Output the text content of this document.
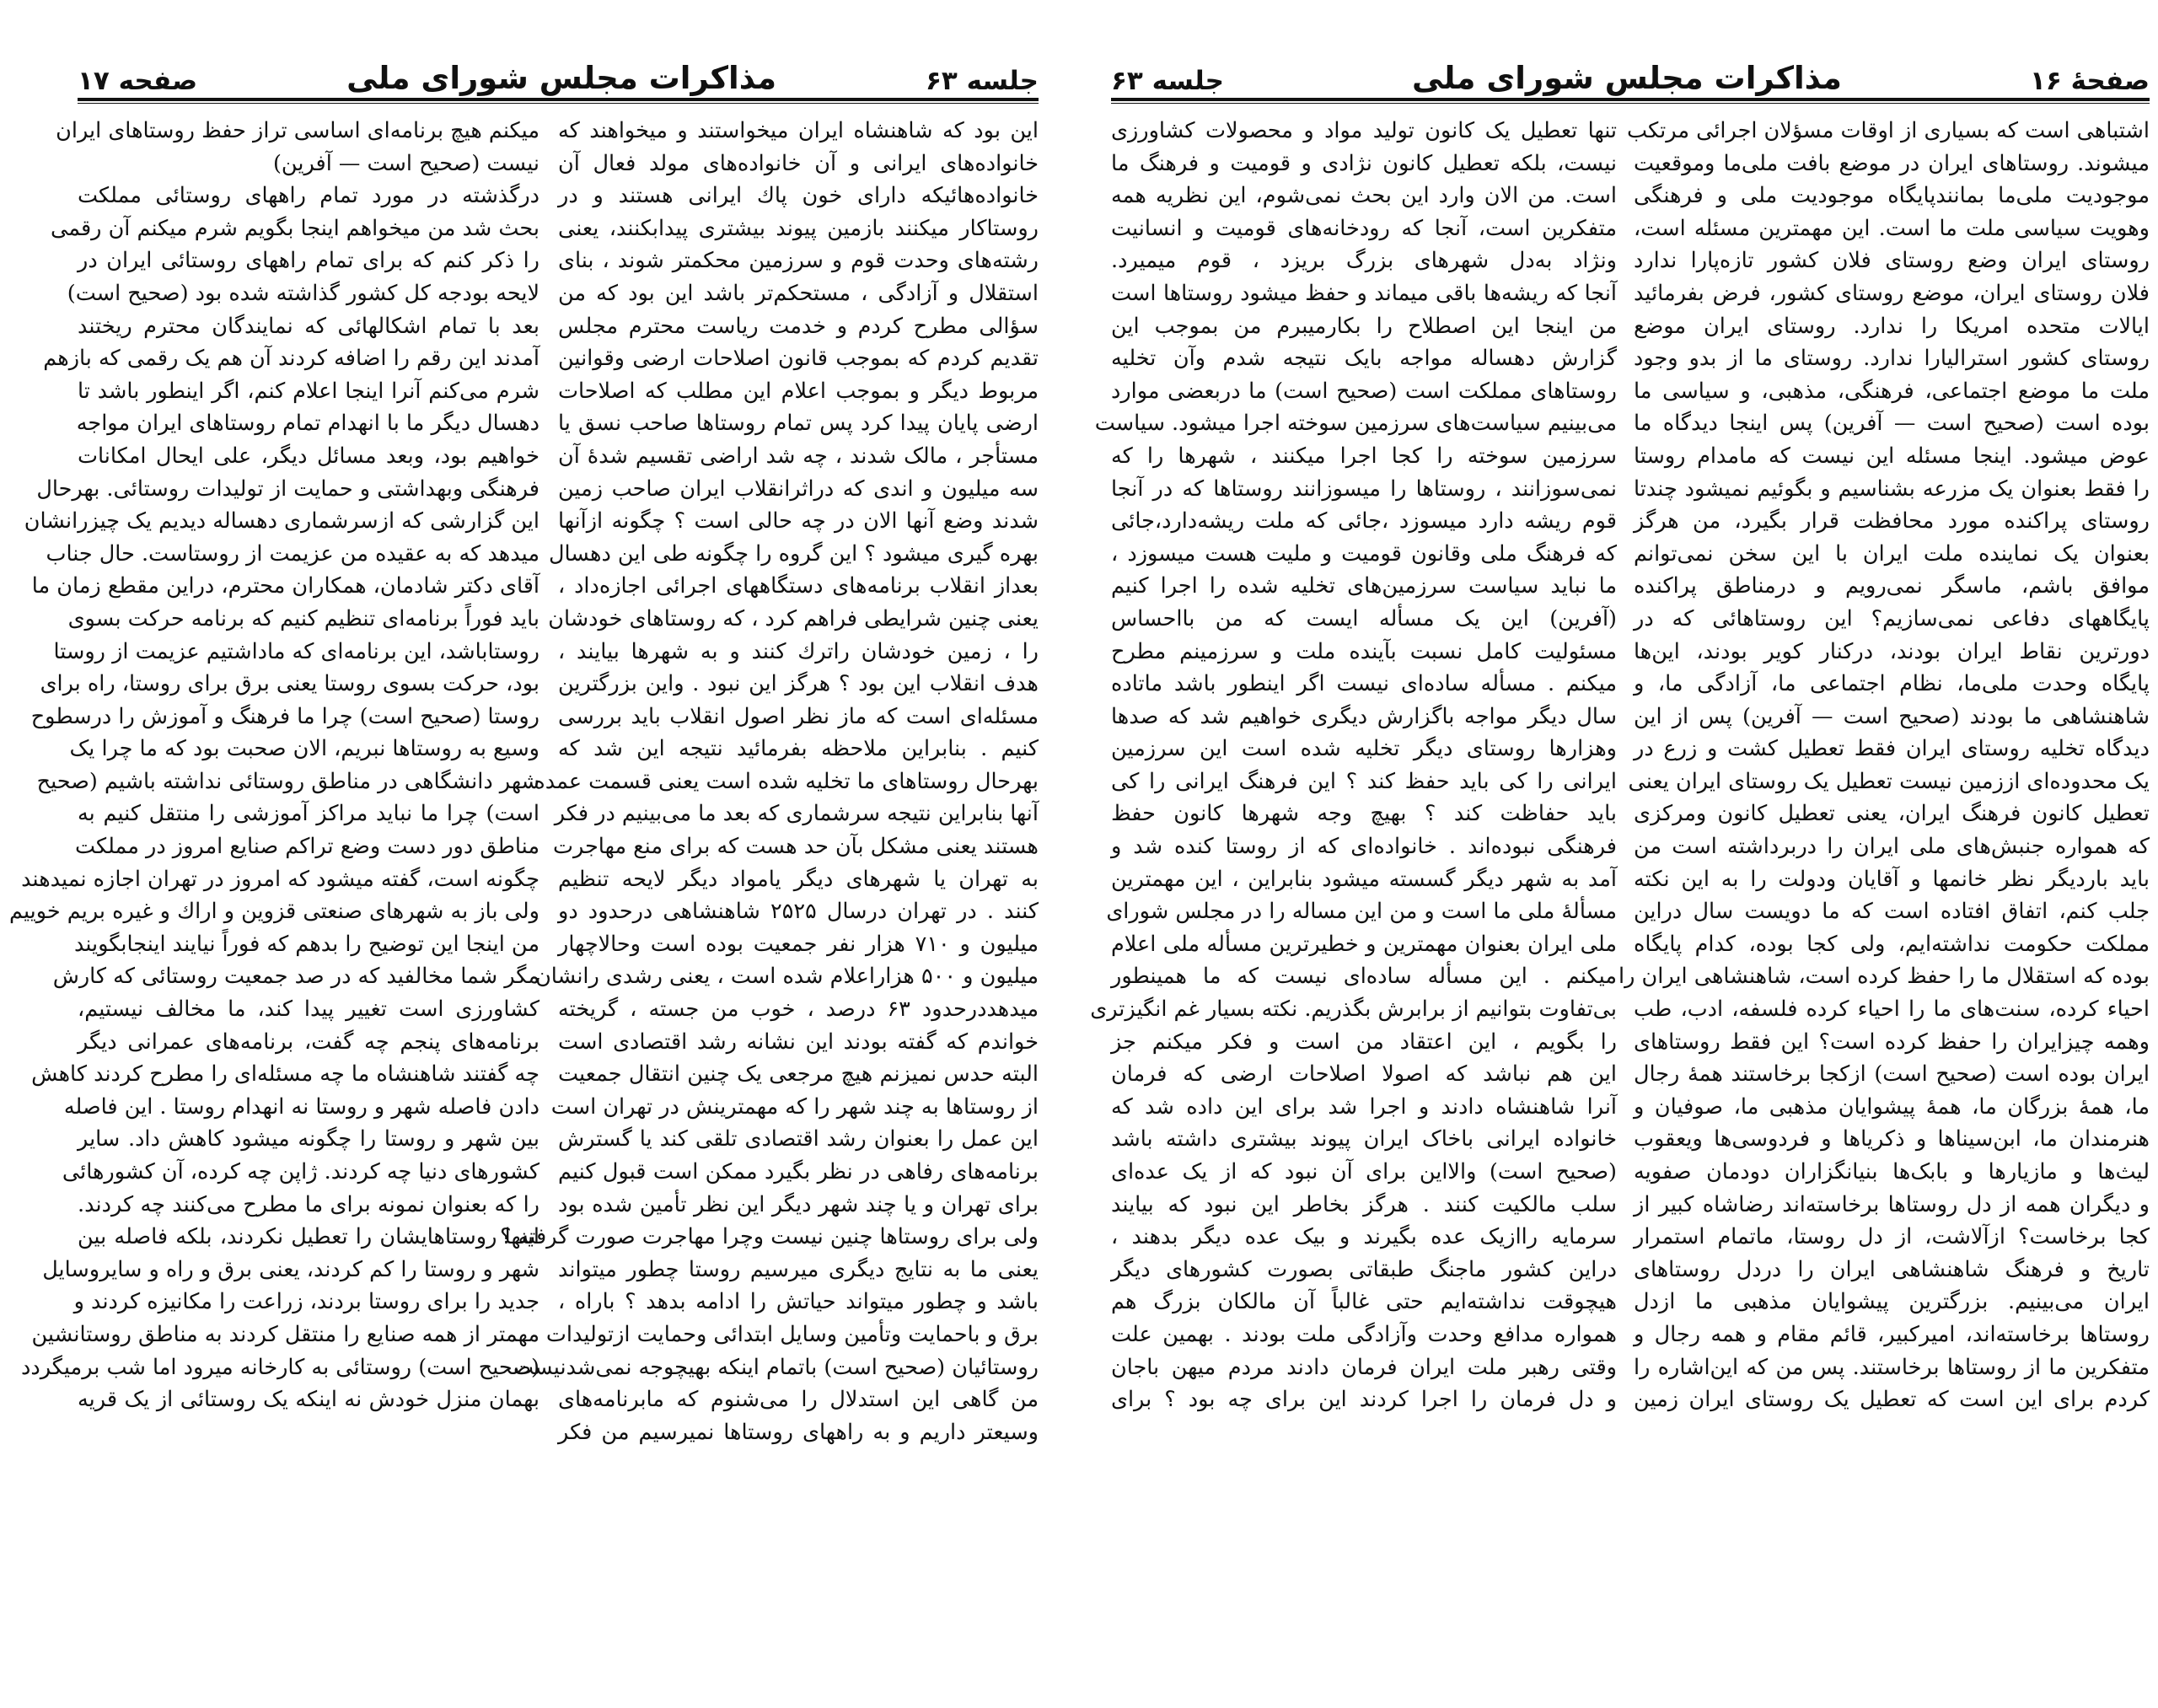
صفحهٔ ۱۶
مذاکرات مجلس شورای ملی
جلسه ۶۳
اشتباهی است که بسیاری از اوقات مسؤلان اجرائی مرتکب
میشوند. روستاهای ایران در موضع بافت ملی‌ما وموقعیت
موجودیت ملی‌ما بمانندپایگاه موجودیت ملی و فرهنگی
وهویت سیاسی ملت ما است. این مهمترین مسئله است،
روستای ایران وضع روستای فلان کشور تازه‌پارا ندارد
فلان روستای ایران، موضع روستای کشور، فرض بفرمائید
ایالات متحده امریکا را ندارد. روستای ایران موضع
روستای کشور استرالیارا ندارد. روستای ما از بدو وجود
ملت ما موضع اجتماعی، فرهنگی، مذهبی، و سیاسی ما
بوده است (صحیح است — آفرین) پس اینجا دیدگاه ما
عوض میشود. اینجا مسئله این نیست که مامدام روستا
را فقط بعنوان یک مزرعه بشناسیم و بگوئیم نمیشود چندتا
روستای پراکنده مورد محافظت قرار بگیرد، من هرگز
بعنوان یک نماینده ملت ایران با این سخن نمی‌توانم
موافق باشم، ماسگر نمی‌رویم و درمناطق پراکنده
پایگاههای دفاعی نمی‌سازیم؟ این روستاهائی که در
دورترین نقاط ایران بودند، درکنار کویر بودند، این‌ها
پایگاه وحدت ملی‌ما، نظام اجتماعی ما، آزادگی ما، و
شاهنشاهی ما بودند (صحیح است — آفرین) پس از این
دیدگاه تخلیه روستای ایران فقط تعطیل کشت و زرع در
یک محدوده‌ای اززمین نیست تعطیل یک روستای ایران یعنی
تعطیل کانون فرهنگ ایران، یعنی تعطیل کانون ومرکزی
که همواره جنبش‌های ملی ایران را دربرداشته است من
باید باردیگر نظر خانمها و آقایان ودولت را به این نکته
جلب کنم، اتفاق افتاده است که ما دویست سال دراین
مملکت حکومت نداشته‌ایم، ولی کجا بوده، کدام پایگاه
بوده که استقلال ما را حفظ کرده است، شاهنشاهی ایران را
احیاء کرده، سنت‌های ما را احیاء کرده فلسفه، ادب، طب
وهمه چیزایران را حفظ کرده است؟ این فقط روستاهای
ایران بوده است (صحیح است) ازکجا برخاستند همهٔ رجال
ما، همهٔ بزرگان ما، همهٔ پیشوایان مذهبی ما، صوفیان و
هنرمندان ما، ابن‌سیناها و ذکریاها و فردوسی‌ها ویعقوب
لیث‌ها و مازیارها و بابک‌ها بنیانگزاران دودمان صفویه
و دیگران همه از دل روستاها برخاسته‌اند رضاشاه کبیر از
کجا برخاست؟ ازآلاشت، از دل روستا، ماتمام استمرار
تاریخ و فرهنگ شاهنشاهی ایران را دردل روستاهای
ایران می‌بینیم. بزرگترین پیشوایان مذهبی ما ازدل
روستاها برخاسته‌اند، امیرکبیر، قائم مقام و همه رجال و
متفکرین ما از روستاها برخاستند. پس من که این‌اشاره را
کردم برای این است که تعطیل یک روستای ایران زمین
تنها تعطیل یک کانون تولید مواد و محصولات کشاورزی
نیست، بلکه تعطیل کانون نژادی و قومیت و فرهنگ ما
است. من الان وارد این بحث نمی‌شوم، این نظریه همه
متفکرین است، آنجا که رودخانه‌های قومیت و انسانیت
ونژاد به‌دل شهرهای بزرگ بریزد ، قوم میمیرد.
آنجا که ریشه‌ها باقی میماند و حفظ میشود روستاها است
من اینجا این اصطلاح را بکارمیبرم من بموجب این
گزارش دهساله مواجه بایک نتیجه شدم وآن تخلیه
روستاهای مملکت است (صحیح است) ما دربعضی موارد
می‌بینیم سیاست‌های سرزمین سوخته اجرا میشود. سیاست
سرزمین سوخته را کجا اجرا میکنند ، شهرها را که
نمی‌سوزانند ، روستاها را میسوزانند روستاها که در آنجا
قوم ریشه دارد میسوزد ،جائی که ملت ریشه‌دارد،جائی
که فرهنگ ملی وقانون قومیت و ملیت هست میسوزد ،
ما نباید سیاست سرزمین‌های تخلیه شده را اجرا کنیم
(آفرین) این یک مسأله ایست که من بااحساس
مسئولیت کامل نسبت بآینده ملت و سرزمینم مطرح
میکنم . مسأله ساده‌ای نیست اگر اینطور باشد ماتاده
سال دیگر مواجه باگزارش دیگری خواهیم شد که صدها
وهزارها روستای دیگر تخلیه شده است این سرزمین
ایرانی را کی باید حفظ کند ؟ این فرهنگ ایرانی را کی
باید حفاظت کند ؟ بهیچ وجه شهرها کانون حفظ
فرهنگی نبوده‌اند . خانواده‌ای که از روستا کنده شد و
آمد به شهر دیگر گسسته میشود بنابراین ، این مهمترین
مسألهٔ ملی ما است و من این مساله را در مجلس شورای
ملی ایران بعنوان مهمترین و خطیرترین مسأله ملی اعلام
میکنم . این مسأله ساده‌ای نیست که ما همینطور
بی‌تفاوت بتوانیم از برابرش بگذریم. نکته بسیار غم انگیزتری
را بگویم ، این اعتقاد من است و فکر میکنم جز
این هم نباشد که اصولا اصلاحات ارضی که فرمان
آنرا شاهنشاه دادند و اجرا شد برای این داده شد که
خانواده ایرانی باخاک ایران پیوند بیشتری داشته باشد
(صحیح است) والااین برای آن نبود که از یک عده‌ای
سلب مالکیت کنند . هرگز بخاطر این نبود که بیایند
سرمایه راازیک عده بگیرند و بیک عده دیگر بدهند ،
دراین کشور ماجنگ طبقاتی بصورت کشورهای دیگر
هیچوقت نداشته‌ایم حتی غالباً آن مالکان بزرگ هم
همواره مدافع وحدت وآزادگی ملت بودند . بهمین علت
وقتی رهبر ملت ایران فرمان دادند مردم میهن باجان
و دل فرمان را اجرا کردند این برای چه بود ؟ برای
جلسه ۶۳
مذاکرات مجلس شورای ملی
صفحه ۱۷
این بود که شاهنشاه ایران میخواستند و میخواهند که
خانواده‌های ایرانی و آن خانواده‌های مولد فعال آن
خانواده‌هائیکه دارای خون پاك ایرانی هستند و در
روستاکار میکنند بازمین پیوند بیشتری پیدابکنند، یعنی
رشته‌های وحدت قوم و سرزمین محکمتر شوند ، بنای
استقلال و آزادگی ، مستحکم‌تر باشد این بود که من
سؤالی مطرح کردم و خدمت ریاست محترم مجلس
تقدیم کردم که بموجب قانون اصلاحات ارضی وقوانین
مربوط دیگر و بموجب اعلام این مطلب که اصلاحات
ارضی پایان پیدا کرد پس تمام روستاها صاحب نسق یا
مستأجر ، مالک شدند ، چه شد اراضی تقسیم شدهٔ آن
سه میلیون و اندی که دراثرانقلاب ایران صاحب زمین
شدند وضع آنها الان در چه حالی است ؟ چگونه ازآنها
بهره گیری میشود ؟ این گروه را چگونه طی این دهسال
بعداز انقلاب برنامه‌های دستگاههای اجرائی اجازه‌داد ،
یعنی چنین شرایطی فراهم کرد ، که روستاهای خودشان
را ، زمین خودشان راترك کنند و به شهرها بیایند ،
هدف انقلاب این بود ؟ هرگز این نبود . واین بزرگترین
مسئله‌ای است که ماز نظر اصول انقلاب باید بررسی
کنیم . بنابراین ملاحظه بفرمائید نتیجه این شد که
بهرحال روستاهای ما تخلیه شده است یعنی قسمت عمده
آنها بنابراین نتیجه سرشماری که بعد ما می‌بینیم در فکر
هستند یعنی مشکل بآن حد هست که برای منع مهاجرت
به تهران یا شهرهای دیگر یامواد دیگر لایحه تنظیم
کنند . در تهران درسال ۲۵۲۵ شاهنشاهی درحدود دو
میلیون و ۷۱۰ هزار نفر جمعیت بوده است وحالاچهار
میلیون و ۵۰۰ هزاراعلام شده است ، یعنی رشدی رانشان
میدهددرحدود ۶۳ درصد ، خوب من جسته ، گریخته
خواندم که گفته بودند این نشانه رشد اقتصادی است
البته حدس نمیزنم هیچ مرجعی یک چنین انتقال جمعیت
از روستاها به چند شهر را که مهمترینش در تهران است
این عمل را بعنوان رشد اقتصادی تلقی کند یا گسترش
برنامه‌های رفاهی در نظر بگیرد ممکن است قبول کنیم
برای تهران و یا چند شهر دیگر این نظر تأمین شده بود
ولی برای روستاها چنین نیست وچرا مهاجرت صورت گرفته ؟
یعنی ما به نتایج دیگری میرسیم روستا چطور میتواند
باشد و چطور میتواند حیاتش را ادامه بدهد ؟ باراه ،
برق و باحمایت وتأمین وسایل ابتدائی وحمایت ازتولیدات
روستائیان (صحیح است) باتمام اینکه بهیچوجه نمی‌شدنیست
من گاهی این استدلال را می‌شنوم که مابرنامه‌های
وسیعتر داریم و به راههای روستاها نمیرسیم من فکر
میکنم هیچ برنامه‌ای اساسی تراز حفظ روستاهای ایران
نیست (صحیح است — آفرین)
درگذشته در مورد تمام راههای روستائی مملکت
بحث شد من میخواهم اینجا بگویم شرم میکنم آن رقمی
را ذکر کنم که برای تمام راههای روستائی ایران در
لایحه بودجه کل کشور گذاشته شده بود (صحیح است)
بعد با تمام اشکالهائی که نمایندگان محترم ریختند
آمدند این رقم را اضافه کردند آن هم یک رقمی که بازهم
شرم می‌کنم آنرا اینجا اعلام کنم، اگر اینطور باشد تا
دهسال دیگر ما با انهدام تمام روستاهای ایران مواجه
خواهیم بود، وبعد مسائل دیگر، علی ایحال امکانات
فرهنگی وبهداشتی و حمایت از تولیدات روستائی. بهرحال
این گزارشی که ازسرشماری دهساله دیدیم یک چیزرانشان
میدهد که به عقیده من عزیمت از روستاست. حال جناب
آقای دکتر شادمان، همکاران محترم، دراین مقطع زمان ما
باید فوراً برنامه‌ای تنظیم کنیم که برنامه حرکت بسوی
روستاباشد، این برنامه‌ای که ماداشتیم عزیمت از روستا
بود، حرکت بسوی روستا یعنی برق برای روستا، راه برای
روستا (صحیح است) چرا ما فرهنگ و آموزش را درسطوح
وسیع به روستاها نبریم، الان صحبت بود که ما چرا یک
شهر دانشگاهی در مناطق روستائی نداشته باشیم (صحیح
است) چرا ما نباید مراکز آموزشی را منتقل کنیم به
مناطق دور دست وضع تراکم صنایع امروز در مملکت
چگونه است، گفته میشود که امروز در تهران اجازه نمیدهند
ولی باز به شهرهای صنعتی قزوین و اراك و غیره بریم خوییم
من اینجا این توضیح را بدهم که فوراً نیایند اینجابگویند
مگر شما مخالفید که در صد جمعیت روستائی که کارش
کشاورزی است تغییر پیدا کند، ما مخالف نیستیم،
برنامه‌های پنجم چه گفت، برنامه‌های عمرانی دیگر
چه گفتند شاهنشاه ما چه مسئله‌ای را مطرح کردند کاهش
دادن فاصله شهر و روستا نه انهدام روستا . این فاصله
بین شهر و روستا را چگونه میشود کاهش داد. سایر
کشورهای دنیا چه کردند. ژاپن چه کرده، آن کشورهائی
را که بعنوان نمونه برای ما مطرح می‌کنند چه کردند.
اینها روستاهایشان را تعطیل نکردند، بلکه فاصله بین
شهر و روستا را کم کردند، یعنی برق و راه و سایروسایل
جدید را برای روستا بردند، زراعت را مکانیزه کردند و
مهمتر از همه صنایع را منتقل کردند به مناطق روستانشین
(صحیح است) روستائی به کارخانه میرود اما شب برمیگردد
بهمان منزل خودش نه اینکه یک روستائی از یک قریه
